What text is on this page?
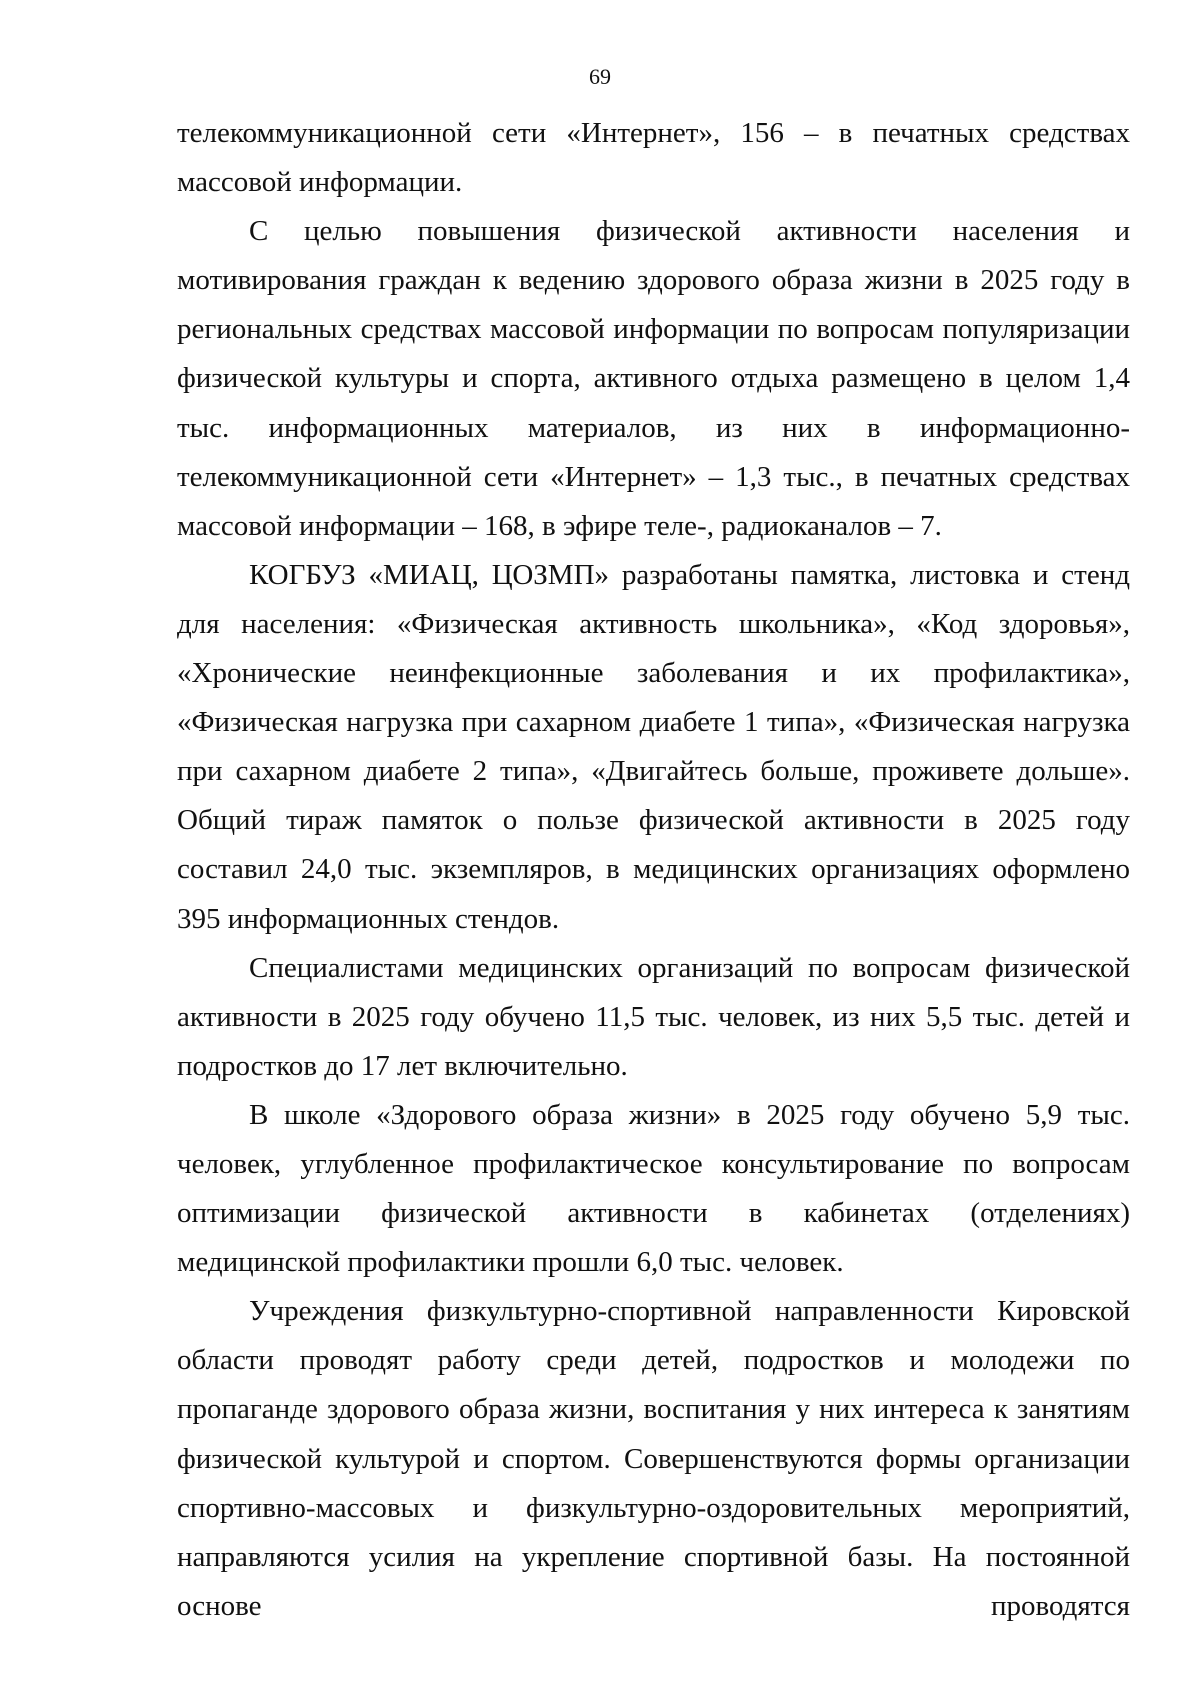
69

телекоммуникационной сети «Интернет», 156 – в печатных средствах массовой информации.

С целью повышения физической активности населения и мотивирования граждан к ведению здорового образа жизни в 2025 году в региональных средствах массовой информации по вопросам популяризации физической культуры и спорта, активного отдыха размещено в целом 1,4 тыс. информационных материалов, из них в информационно-телекоммуникационной сети «Интернет» – 1,3 тыс., в печатных средствах массовой информации – 168, в эфире теле-, радиоканалов – 7.

КОГБУЗ «МИАЦ, ЦОЗМП» разработаны памятка, листовка и стенд для населения: «Физическая активность школьника», «Код здоровья», «Хронические неинфекционные заболевания и их профилактика», «Физическая нагрузка при сахарном диабете 1 типа», «Физическая нагрузка при сахарном диабете 2 типа», «Двигайтесь больше, проживете дольше». Общий тираж памяток о пользе физической активности в 2025 году составил 24,0 тыс. экземпляров, в медицинских организациях оформлено 395 информационных стендов.

Специалистами медицинских организаций по вопросам физической активности в 2025 году обучено 11,5 тыс. человек, из них 5,5 тыс. детей и подростков до 17 лет включительно.

В школе «Здорового образа жизни» в 2025 году обучено 5,9 тыс. человек, углубленное профилактическое консультирование по вопросам оптимизации физической активности в кабинетах (отделениях) медицинской профилактики прошли 6,0 тыс. человек.

Учреждения физкультурно-спортивной направленности Кировской области проводят работу среди детей, подростков и молодежи по пропаганде здорового образа жизни, воспитания у них интереса к занятиям физической культурой и спортом. Совершенствуются формы организации спортивно-массовых и физкультурно-оздоровительных мероприятий, направляются усилия на укрепление спортивной базы. На постоянной основе проводятся
